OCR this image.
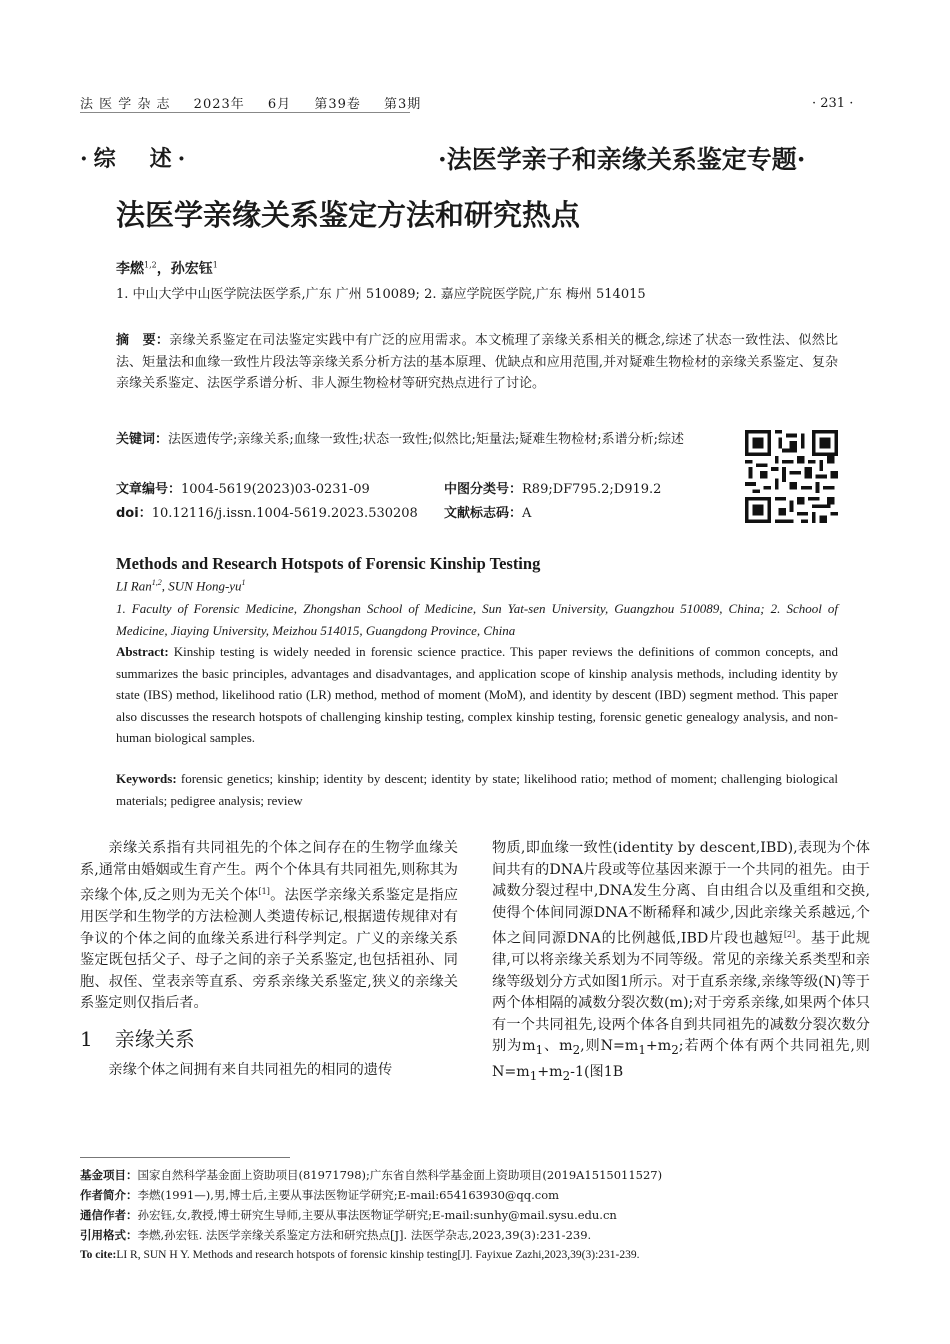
法 医 学 杂 志 2023年 6月 第39卷 第3期	· 231 ·
·综　述·	·法医学亲子和亲缘关系鉴定专题·
法医学亲缘关系鉴定方法和研究热点
李燃$^{1,2}$，孙宏钰$^1$
1. 中山大学中山医学院法医学系,广东 广州 510089; 2. 嘉应学院医学院,广东 梅州 514015
摘　要：亲缘关系鉴定在司法鉴定实践中有广泛的应用需求。本文梳理了亲缘关系相关的概念,综述了状态一致性法、似然比法、矩量法和血缘一致性片段法等亲缘关系分析方法的基本原理、优缺点和应用范围,并对疑难生物检材的亲缘关系鉴定、复杂亲缘关系鉴定、法医学系谱分析、非人源生物检材等研究热点进行了讨论。
关键词：法医遗传学;亲缘关系;血缘一致性;状态一致性;似然比;矩量法;疑难生物检材;系谱分析;综述
文章编号：1004-5619(2023)03-0231-09	中图分类号：R89;DF795.2;D919.2
doi：10.12116/j.issn.1004-5619.2023.530208 文献标志码：A
Methods and Research Hotspots of Forensic Kinship Testing
LI Ran$^{1,2}$, SUN Hong-$yu^1$
1. Faculty of Forensic Medicine, Zhongshan School of Medicine, Sun Yat-sen University, Guangzhou 510089, China; 2. School of Medicine, Jiaying University, Meizhou 514015, Guangdong Province, China
Abstract: Kinship testing is widely needed in forensic science practice. This paper reviews the definitions of common concepts, and summarizes the basic principles, advantages and disadvantages, and application scope of kinship analysis methods, including identity by state (IBS) method, likelihood ratio (LR) method, method of moment (MoM), and identity by descent (IBD) segment method. This paper also discusses the research hotspots of challenging kinship testing, complex kinship testing, forensic genetic genealogy analysis, and non-human biological samples.
Keywords: forensic genetics; kinship; identity by descent; identity by state; likelihood ratio; method of moment; challenging biological materials; pedigree analysis; review

亲缘关系指有共同祖先的个体之间存在的生物学血缘关系,通常由婚姻或生育产生。两个个体具有共同祖先,则称其为亲缘个体,反之则为无关个体[1]。法医学亲缘关系鉴定是指应用医学和生物学的方法检测人类遗传标记,根据遗传规律对有争议的个体之间的血缘关系进行科学判定。广义的亲缘关系鉴定既包括父子、母子之间的亲子关系鉴定,也包括祖孙、同胞、叔侄、堂表亲等直系、旁系亲缘关系鉴定,狭义的亲缘关系鉴定则仅指后者。

1 亲缘关系

亲缘个体之间拥有来自共同祖先的相同的遗传

物质,即血缘一致性(identity by descent,IBD),表现为个体间共有的DNA片段或等位基因来源于一个共同的祖先。由于减数分裂过程中,DNA发生分离、自由组合以及重组和交换,使得个体间同源DNA不断稀释和减少,因此亲缘关系越远,个体之间同源DNA的比例越低,IBD片段也越短[2]。基于此规律,可以将亲缘关系划为不同等级。常见的亲缘关系类型和亲缘等级划分方式如图1所示。对于直系亲缘,亲缘等级(N)等于两个体相隔的减数分裂次数(m);对于旁系亲缘,如果两个体只有一个共同祖先,设两个体各自到共同祖先的减数分裂次数分别为$m_1$、$m_2$,则$N=m_1+m_2$;若两个体有两个共同祖先,则$N=m_1+m_2-1$(图1B

基金项目：国家自然科学基金面上资助项目(81971798);广东省自然科学基金面上资助项目(2019A1515011527)
作者简介：李燃(1991—),男,博士后,主要从事法医物证学研究;E-mail:654163930@qq.com
通信作者：孙宏钰,女,教授,博士研究生导师,主要从事法医物证学研究;E-mail:sunhy@mail.sysu.edu.cn
引用格式：李燃,孙宏钰. 法医学亲缘关系鉴定方法和研究热点[J]. 法医学杂志,2023,39(3):231-239.
To cite:LI R, SUN H Y. Methods and research hotspots of forensic kinship testing[J]. Fayixue Zazhi,2023,39(3):231-239.
